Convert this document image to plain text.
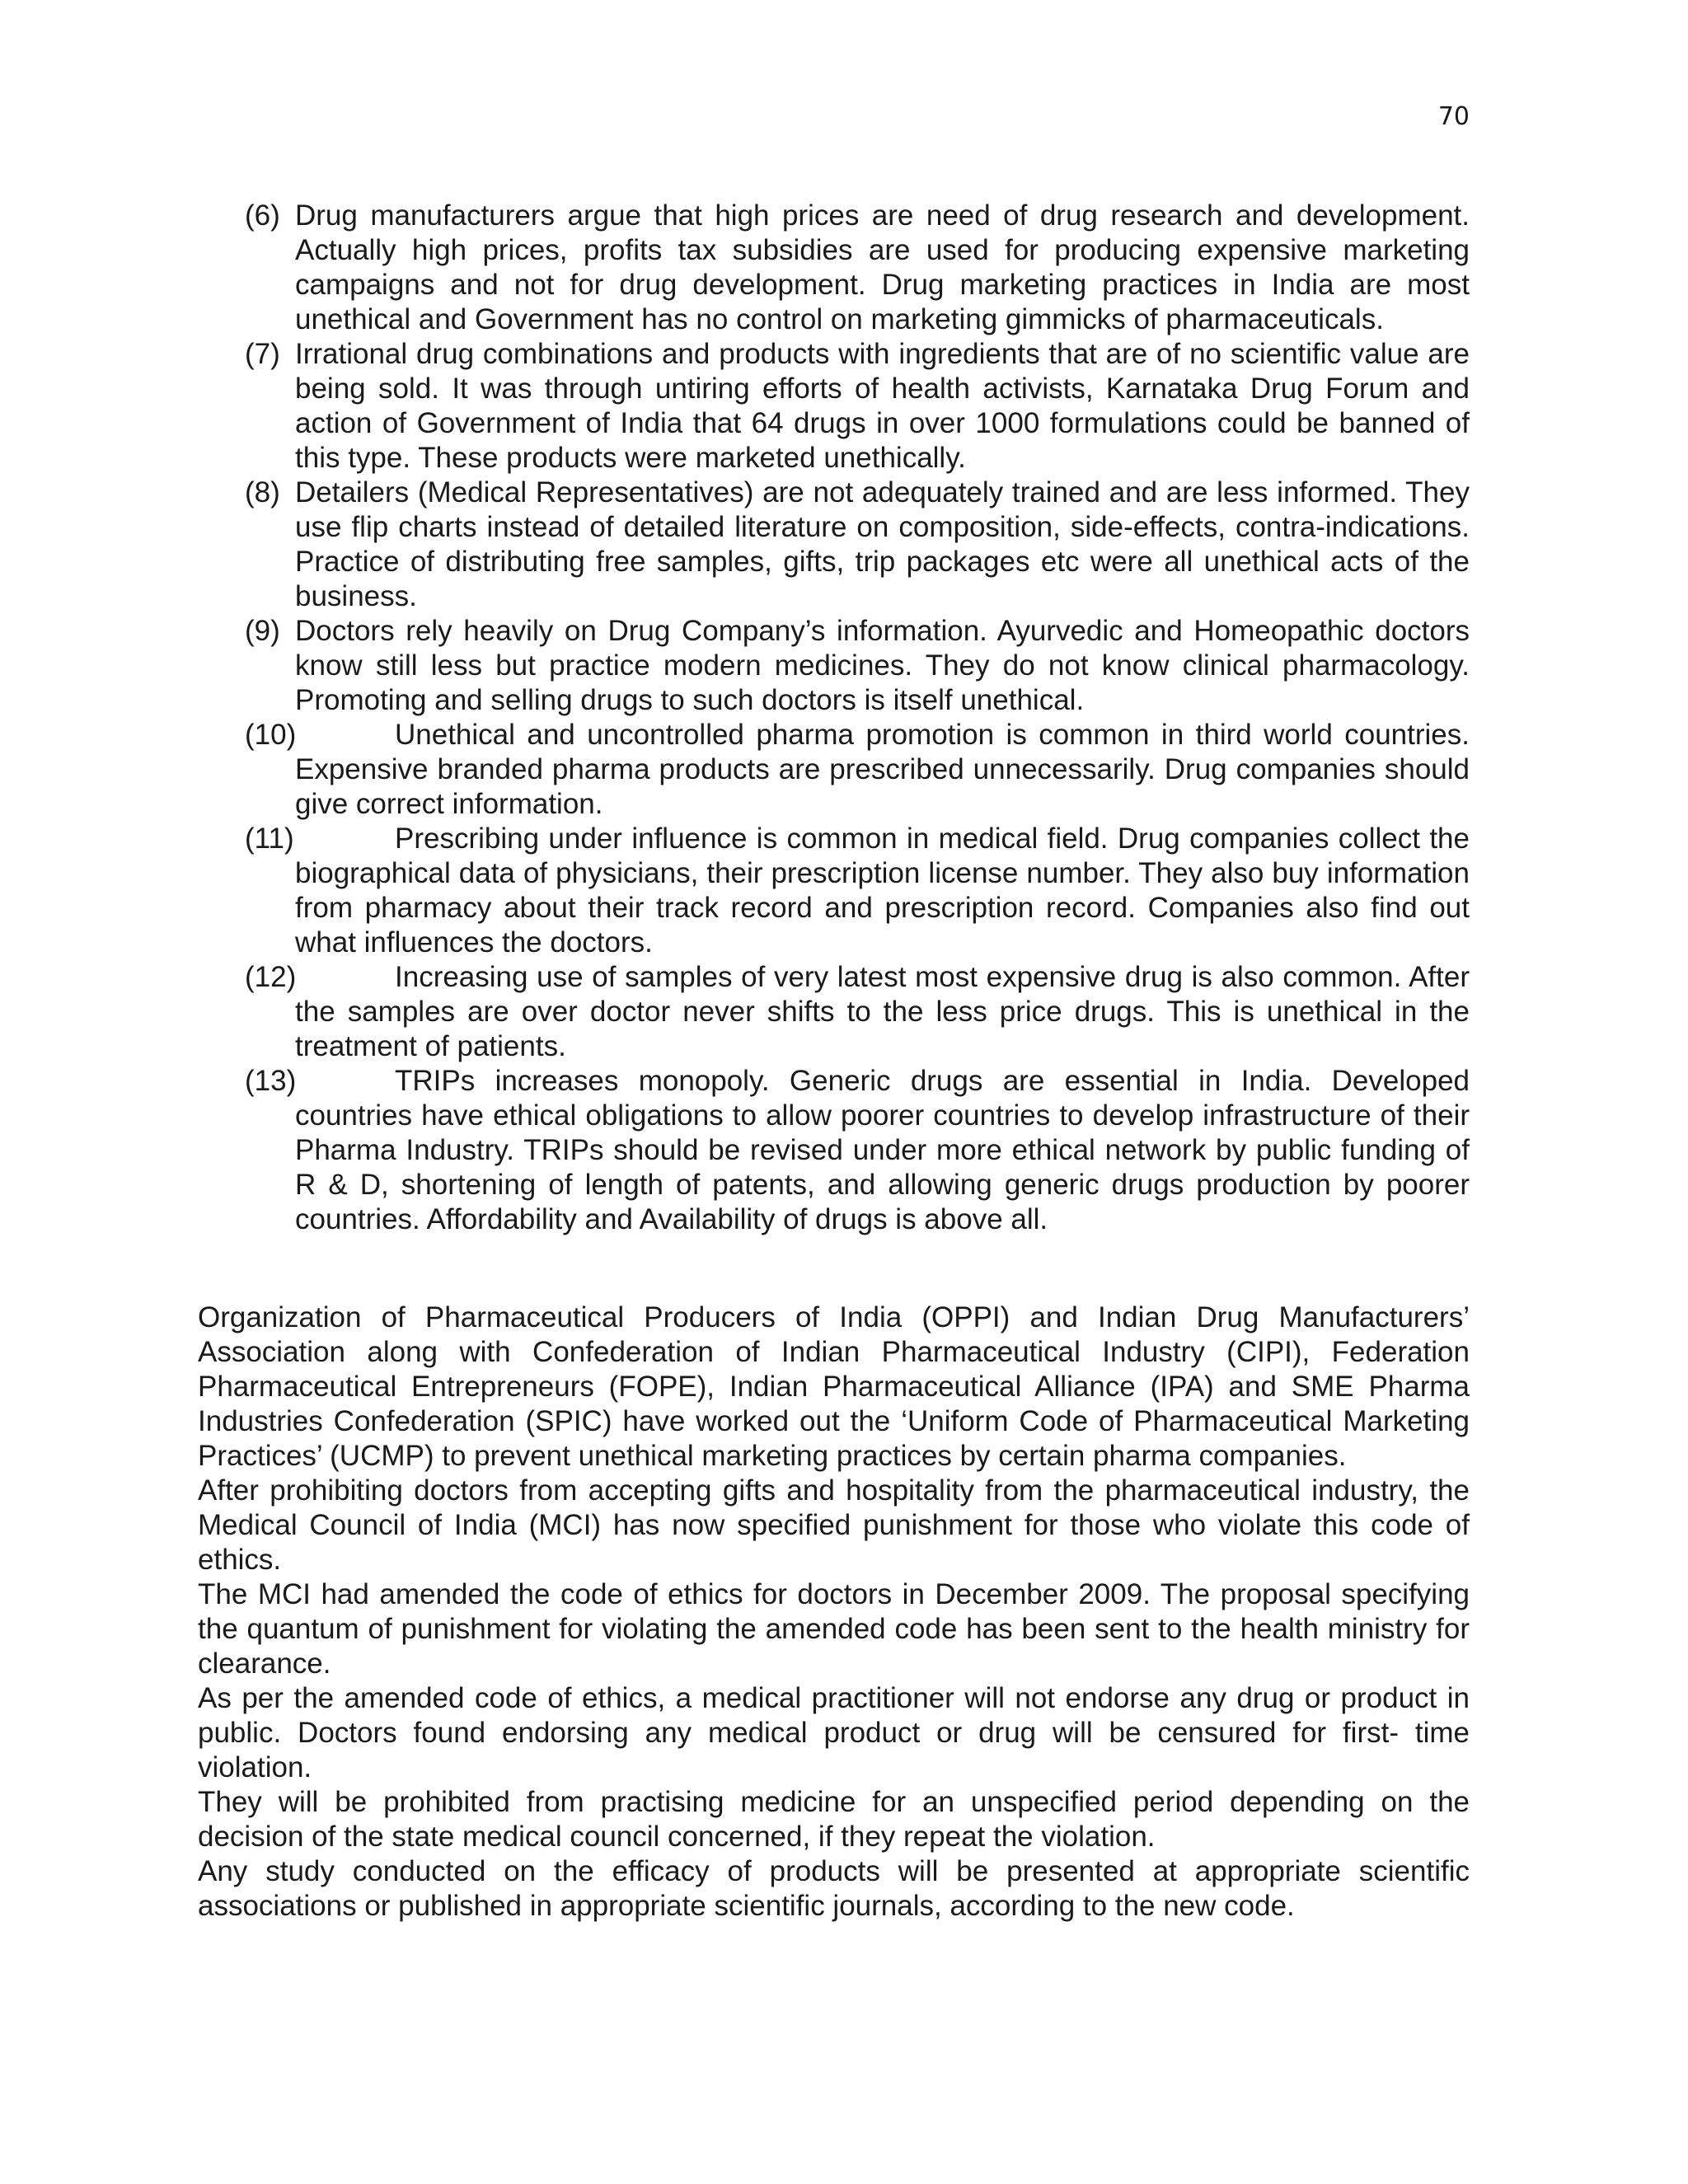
70
(6) Drug manufacturers argue that high prices are need of drug research and development. Actually high prices, profits tax subsidies are used for producing expensive marketing campaigns and not for drug development. Drug marketing practices in India are most unethical and Government has no control on marketing gimmicks of pharmaceuticals.
(7) Irrational drug combinations and products with ingredients that are of no scientific value are being sold. It was through untiring efforts of health activists, Karnataka Drug Forum and action of Government of India that 64 drugs in over 1000 formulations could be banned of this type. These products were marketed unethically.
(8) Detailers (Medical Representatives) are not adequately trained and are less informed. They use flip charts instead of detailed literature on composition, side-effects, contra-indications. Practice of distributing free samples, gifts, trip packages etc were all unethical acts of the business.
(9) Doctors rely heavily on Drug Company’s information. Ayurvedic and Homeopathic doctors know still less but practice modern medicines. They do not know clinical pharmacology. Promoting and selling drugs to such doctors is itself unethical.
(10)	Unethical and uncontrolled pharma promotion is common in third world countries. Expensive branded pharma products are prescribed unnecessarily. Drug companies should give correct information.
(11)	Prescribing under influence is common in medical field. Drug companies collect the biographical data of physicians, their prescription license number. They also buy information from pharmacy about their track record and prescription record. Companies also find out what influences the doctors.
(12)	Increasing use of samples of very latest most expensive drug is also common. After the samples are over doctor never shifts to the less price drugs. This is unethical in the treatment of patients.
(13)	TRIPs increases monopoly. Generic drugs are essential in India. Developed countries have ethical obligations to allow poorer countries to develop infrastructure of their Pharma Industry. TRIPs should be revised under more ethical network by public funding of R & D, shortening of length of patents, and allowing generic drugs production by poorer countries. Affordability and Availability of drugs is above all.

Organization of Pharmaceutical Producers of India (OPPI) and Indian Drug Manufacturers’ Association along with Confederation of Indian Pharmaceutical Industry (CIPI), Federation Pharmaceutical Entrepreneurs (FOPE), Indian Pharmaceutical Alliance (IPA) and SME Pharma Industries Confederation (SPIC) have worked out the ‘Uniform Code of Pharmaceutical Marketing Practices’ (UCMP) to prevent unethical marketing practices by certain pharma companies.

After prohibiting doctors from accepting gifts and hospitality from the pharmaceutical industry, the Medical Council of India (MCI) has now specified punishment for those who violate this code of ethics.

The MCI had amended the code of ethics for doctors in December 2009. The proposal specifying the quantum of punishment for violating the amended code has been sent to the health ministry for clearance.

As per the amended code of ethics, a medical practitioner will not endorse any drug or product in public. Doctors found endorsing any medical product or drug will be censured for first- time violation.

They will be prohibited from practising medicine for an unspecified period depending on the decision of the state medical council concerned, if they repeat the violation.

Any study conducted on the efficacy of products will be presented at appropriate scientific associations or published in appropriate scientific journals, according to the new code.
